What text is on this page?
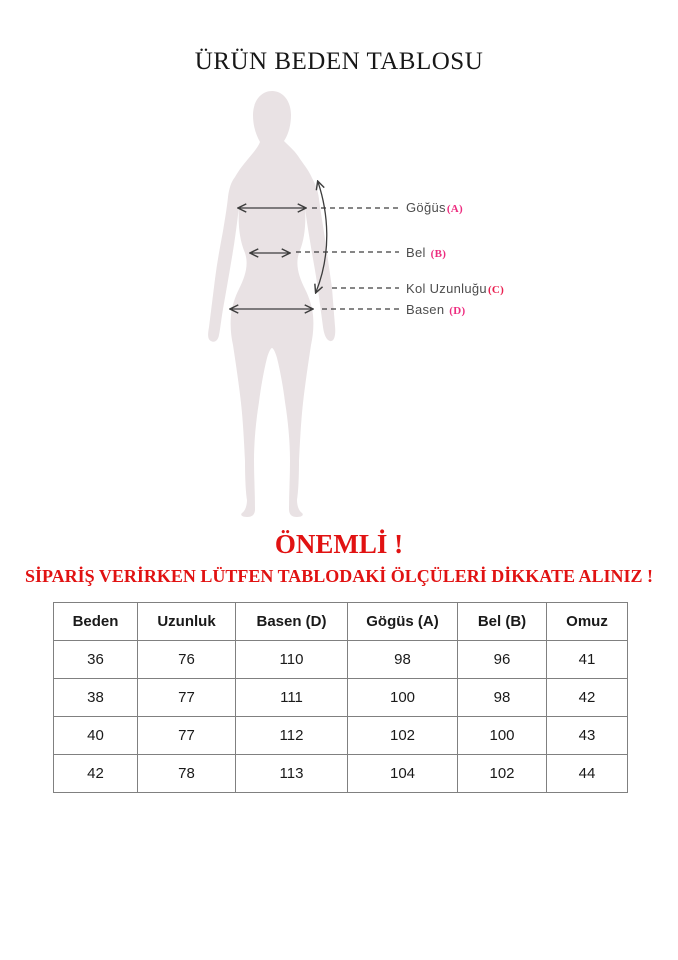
ÜRÜN BEDEN TABLOSU
Göğüs(A)
Bel (B)
Kol Uzunluğu(C)
Basen (D)
ÖNEMLİ !
SİPARİŞ VERİRKEN LÜTFEN TABLODAKİ ÖLÇÜLERİ DİKKATE ALINIZ !
Beden	Uzunluk	Basen (D)	Gögüs (A)	Bel (B)	Omuz
36	76	110	98	96	41
38	77	111	100	98	42
40	77	112	102	100	43
42	78	113	104	102	44
